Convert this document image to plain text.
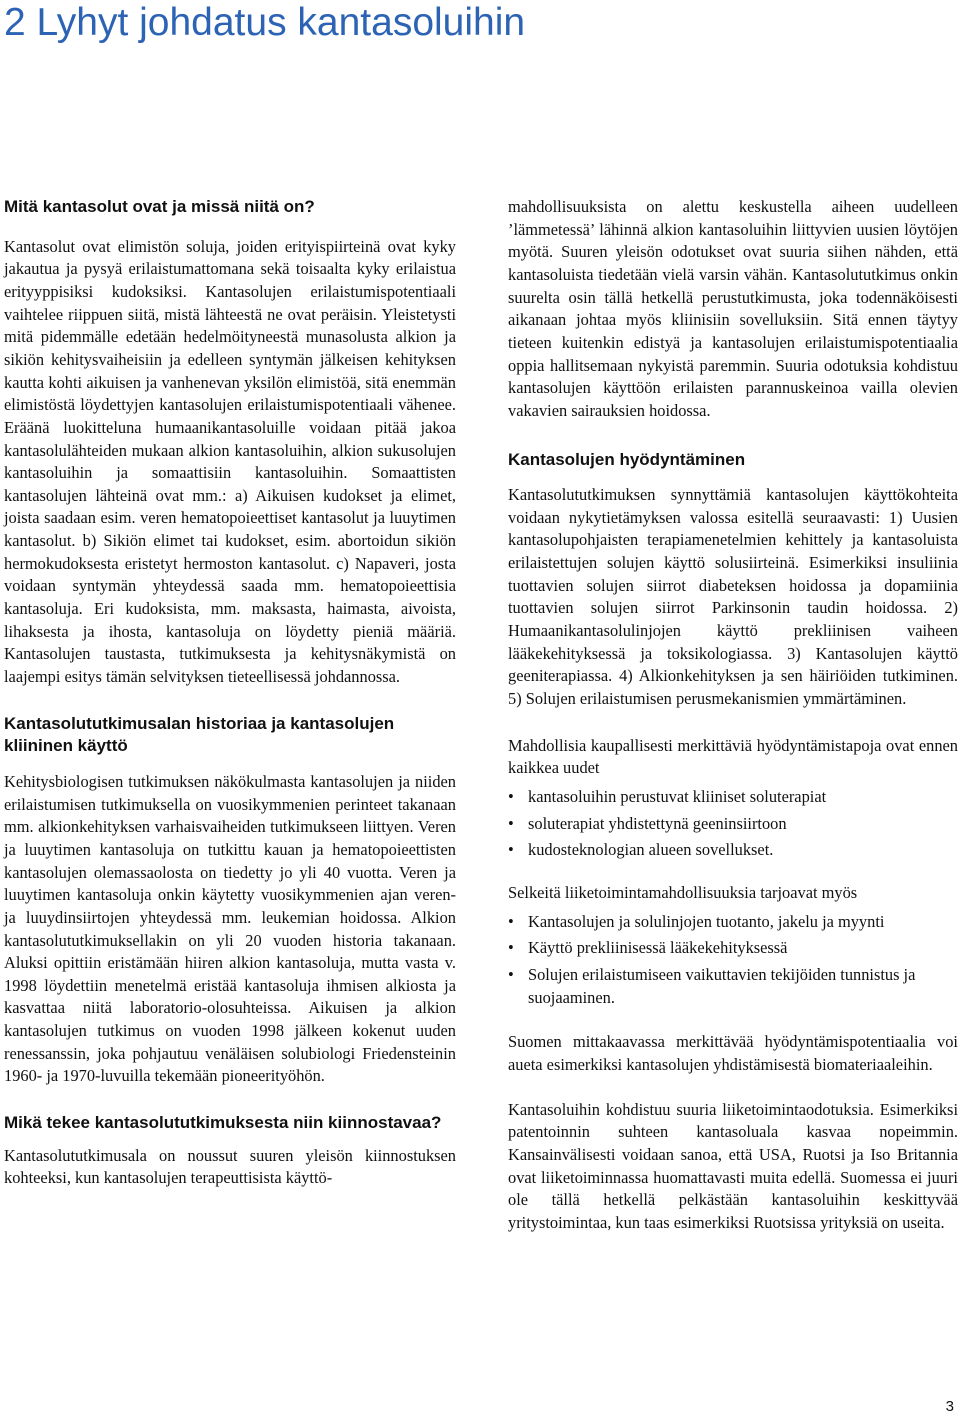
2 Lyhyt johdatus kantasoluihin
Mitä kantasolut ovat ja missä niitä on?

Kantasolut ovat elimistön soluja, joiden erityispiirteinä ovat kyky jakautua ja pysyä erilaistumattomana sekä toisaalta kyky erilaistua erityyppisiksi kudoksiksi. Kantasolujen erilaistumispotentiaali vaihtelee riippuen siitä, mistä lähteestä ne ovat peräisin. Yleistetysti mitä pidemmälle edetään hedelmöityneestä munasolusta alkion ja sikiön kehitysvaiheisiin ja edelleen syntymän jälkeisen kehityksen kautta kohti aikuisen ja vanhenevan yksilön elimistöä, sitä enemmän elimistöstä löydettyjen kantasolujen erilaistumispotentiaali vähenee. Eräänä luokitteluna humaanikantasoluille voidaan pitää jakoa kantasolulähteiden mukaan alkion kantasoluihin, alkion sukusolujen kantasoluihin ja somaattisiin kantasoluihin. Somaattisten kantasolujen lähteinä ovat mm.: a) Aikuisen kudokset ja elimet, joista saadaan esim. veren hematopoieettiset kantasolut ja luuytimen kantasolut. b) Sikiön elimet tai kudokset, esim. abortoidun sikiön hermokudoksesta eristetyt hermoston kantasolut. c) Napaveri, josta voidaan syntymän yhteydessä saada mm. hematopoieettisia kantasoluja. Eri kudoksista, mm. maksasta, haimasta, aivoista, lihaksesta ja ihosta, kantasoluja on löydetty pieniä määriä. Kantasolujen taustasta, tutkimuksesta ja kehitysnäkymistä on laajempi esitys tämän selvityksen tieteellisessä johdannossa.

Kantasolututkimusalan historiaa ja kantasolujen kliininen käyttö

Kehitysbiologisen tutkimuksen näkökulmasta kantasolujen ja niiden erilaistumisen tutkimuksella on vuosikymmenien perinteet takanaan mm. alkionkehityksen varhaisvaiheiden tutkimukseen liittyen. Veren ja luuytimen kantasoluja on tutkittu kauan ja hematopoieettisten kantasolujen olemassaolosta on tiedetty jo yli 40 vuotta. Veren ja luuytimen kantasoluja onkin käytetty vuosikymmenien ajan veren- ja luuydinsiirtojen yhteydessä mm. leukemian hoidossa. Alkion kantasolututkimuksellakin on yli 20 vuoden historia takanaan. Aluksi opittiin eristämään hiiren alkion kantasoluja, mutta vasta v. 1998 löydettiin menetelmä eristää kantasoluja ihmisen alkiosta ja kasvattaa niitä laboratorio-olosuhteissa. Aikuisen ja alkion kantasolujen tutkimus on vuoden 1998 jälkeen kokenut uuden renessanssin, joka pohjautuu venäläisen solubiologi Friedensteinin 1960- ja 1970-luvuilla tekemään pioneerityöhön.

Mikä tekee kantasolututkimuksesta niin kiinnostavaa?

Kantasolututkimusala on noussut suuren yleisön kiinnostuksen kohteeksi, kun kantasolujen terapeuttisista käyttö-

mahdollisuuksista on alettu keskustella aiheen uudelleen ’lämmetessä’ lähinnä alkion kantasoluihin liittyvien uusien löytöjen myötä. Suuren yleisön odotukset ovat suuria siihen nähden, että kantasoluista tiedetään vielä varsin vähän. Kantasolututkimus onkin suurelta osin tällä hetkellä perustutkimusta, joka todennäköisesti aikanaan johtaa myös kliinisiin sovelluksiin. Sitä ennen täytyy tieteen kuitenkin edistyä ja kantasolujen erilaistumispotentiaalia oppia hallitsemaan nykyistä paremmin. Suuria odotuksia kohdistuu kantasolujen käyttöön erilaisten parannuskeinoa vailla olevien vakavien sairauksien hoidossa.

Kantasolujen hyödyntäminen

Kantasolututkimuksen synnyttämiä kantasolujen käyttökohteita voidaan nykytietämyksen valossa esitellä seuraavasti: 1) Uusien kantasolupohjaisten terapiamenetelmien kehittely ja kantasoluista erilaistettujen solujen käyttö solusiirteinä. Esimerkiksi insuliinia tuottavien solujen siirrot diabeteksen hoidossa ja dopamiinia tuottavien solujen siirrot Parkinsonin taudin hoidossa. 2) Humaanikantasolulinjojen käyttö prekliinisen vaiheen lääkekehityksessä ja toksikologiassa. 3) Kantasolujen käyttö geeniterapiassa. 4) Alkionkehityksen ja sen häiriöiden tutkiminen. 5) Solujen erilaistumisen perusmekanismien ymmärtäminen.

Mahdollisia kaupallisesti merkittäviä hyödyntämistapoja ovat ennen kaikkea uudet

• kantasoluihin perustuvat kliiniset soluterapiat
• soluterapiat yhdistettynä geeninsiirtoon
• kudosteknologian alueen sovellukset.

Selkeitä liiketoimintamahdollisuuksia tarjoavat myös

• Kantasolujen ja solulinjojen tuotanto, jakelu ja myynti
• Käyttö prekliinisessä lääkekehityksessä
• Solujen erilaistumiseen vaikuttavien tekijöiden tunnistus ja suojaaminen.

Suomen mittakaavassa merkittävää hyödyntämispotentiaalia voi aueta esimerkiksi kantasolujen yhdistämisestä biomateriaaleihin.

Kantasoluihin kohdistuu suuria liiketoimintaodotuksia. Esimerkiksi patentoinnin suhteen kantasoluala kasvaa nopeimmin. Kansainvälisesti voidaan sanoa, että USA, Ruotsi ja Iso Britannia ovat liiketoiminnassa huomattavasti muita edellä. Suomessa ei juuri ole tällä hetkellä pelkästään kantasoluihin keskittyvää yritystoimintaa, kun taas esimerkiksi Ruotsissa yrityksiä on useita.

3
